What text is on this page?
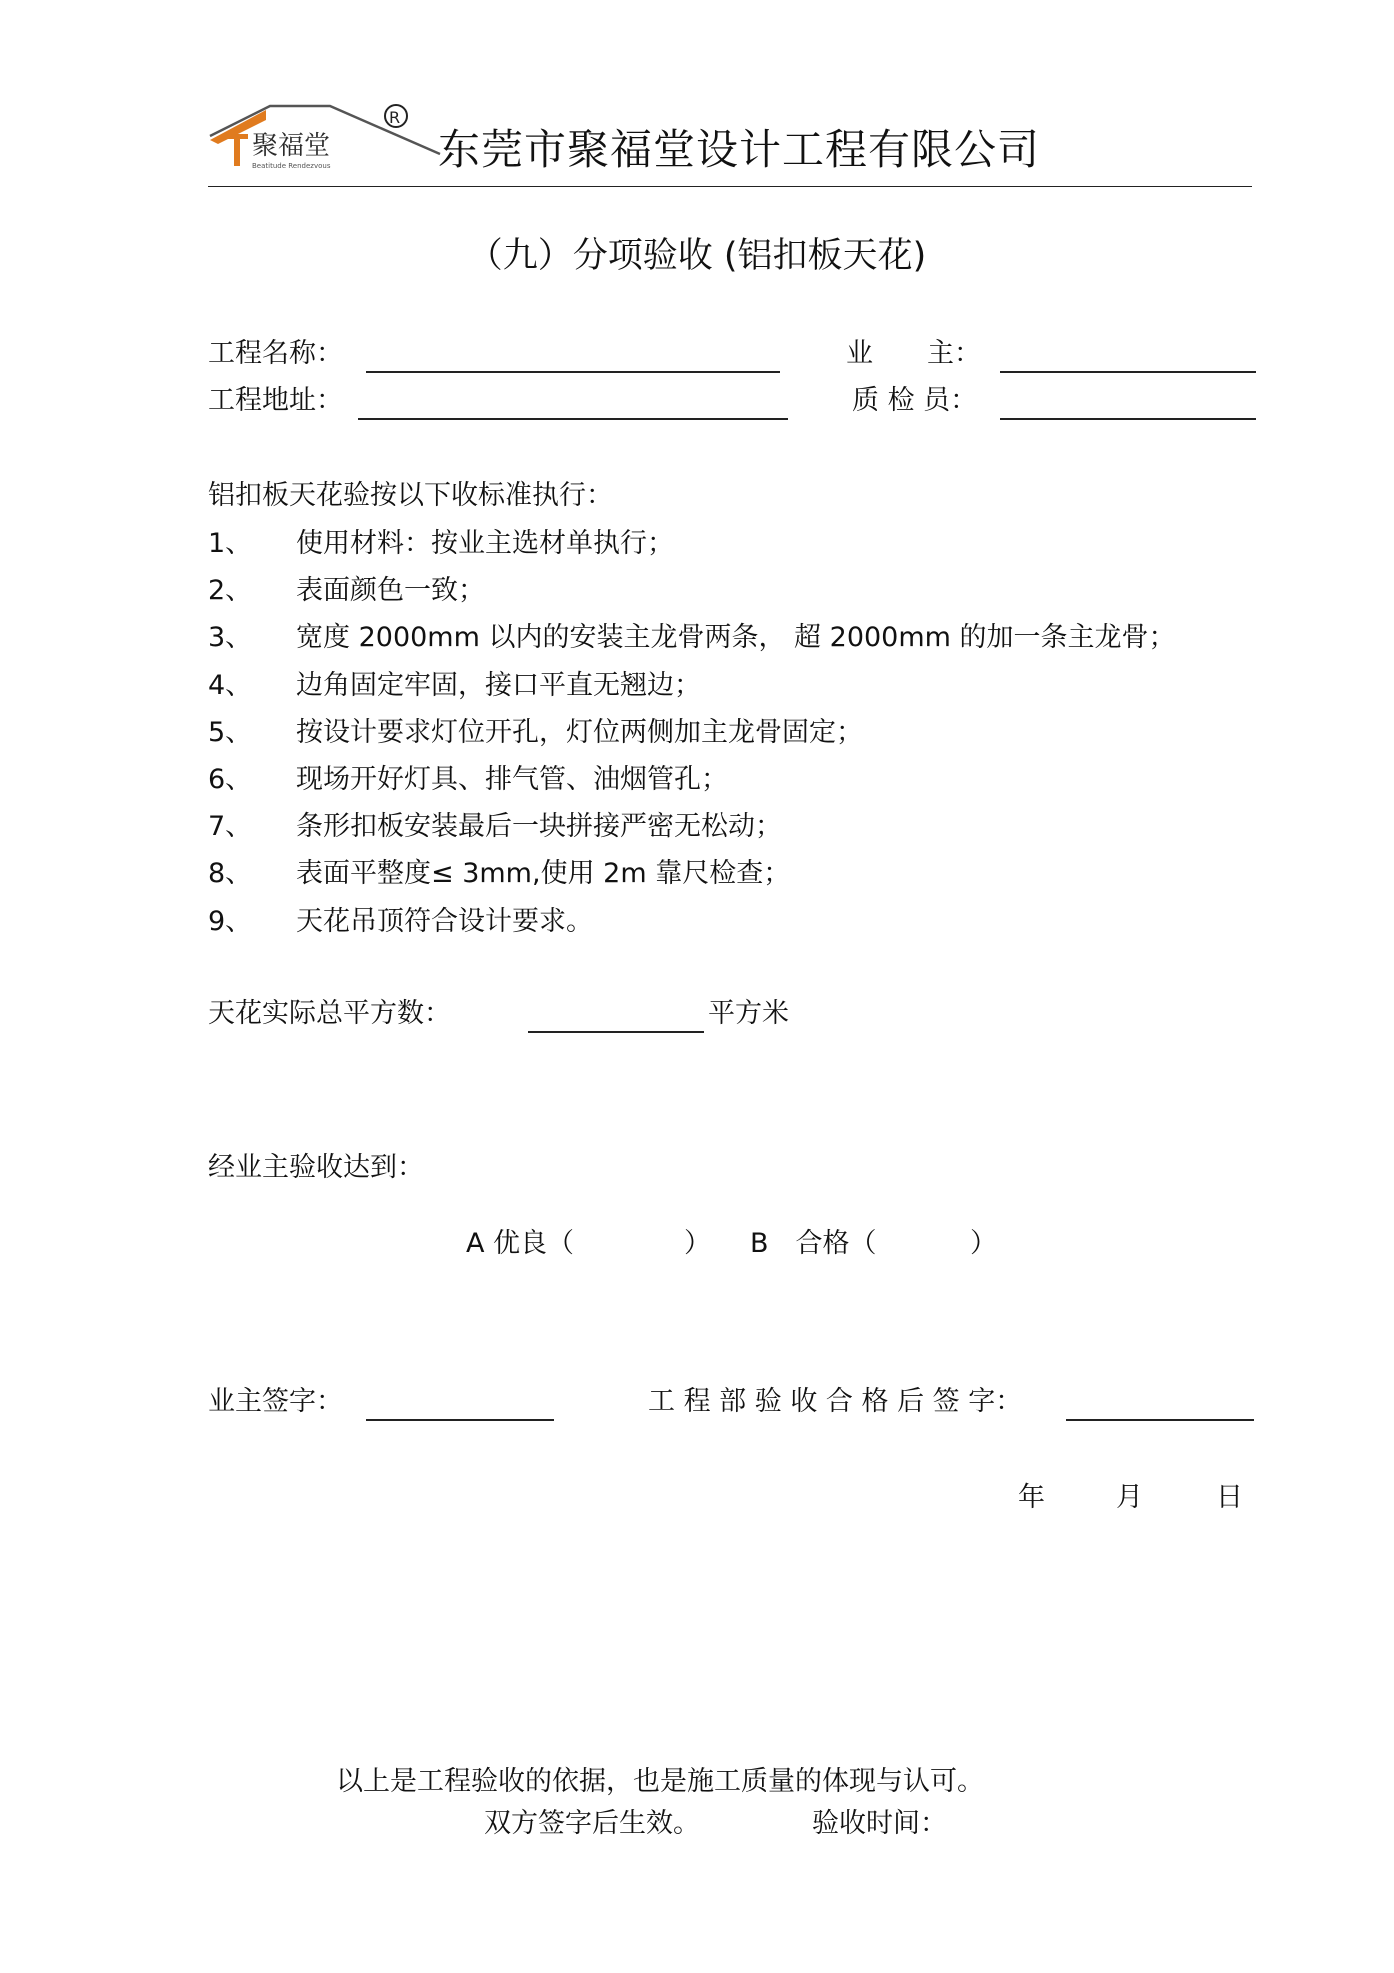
聚福堂
Beatitude Rendezvous
R
东莞市聚福堂设计工程有限公司
（九）分项验收 (铝扣板天花)
工程名称：	业　　主：
工程地址：	质 检 员：
铝扣板天花验按以下收标准执行：
1、 使用材料：按业主选材单执行；
2、 表面颜色一致；
3、 宽度 2000mm 以内的安装主龙骨两条， 超 2000mm 的加一条主龙骨；
4、 边角固定牢固，接口平直无翘边；
5、 按设计要求灯位开孔，灯位两侧加主龙骨固定；
6、 现场开好灯具、排气管、油烟管孔；
7、 条形扣板安装最后一块拼接严密无松动；
8、 表面平整度≤ 3mm,使用 2m 靠尺检查；
9、 天花吊顶符合设计要求。
天花实际总平方数：	平方米
经业主验收达到：
A 优良（	） B　合格（	）
业主签字：	工 程 部 验 收 合 格 后 签 字：
年	月	日
以上是工程验收的依据，也是施工质量的体现与认可。
双方签字后生效。	验收时间：
